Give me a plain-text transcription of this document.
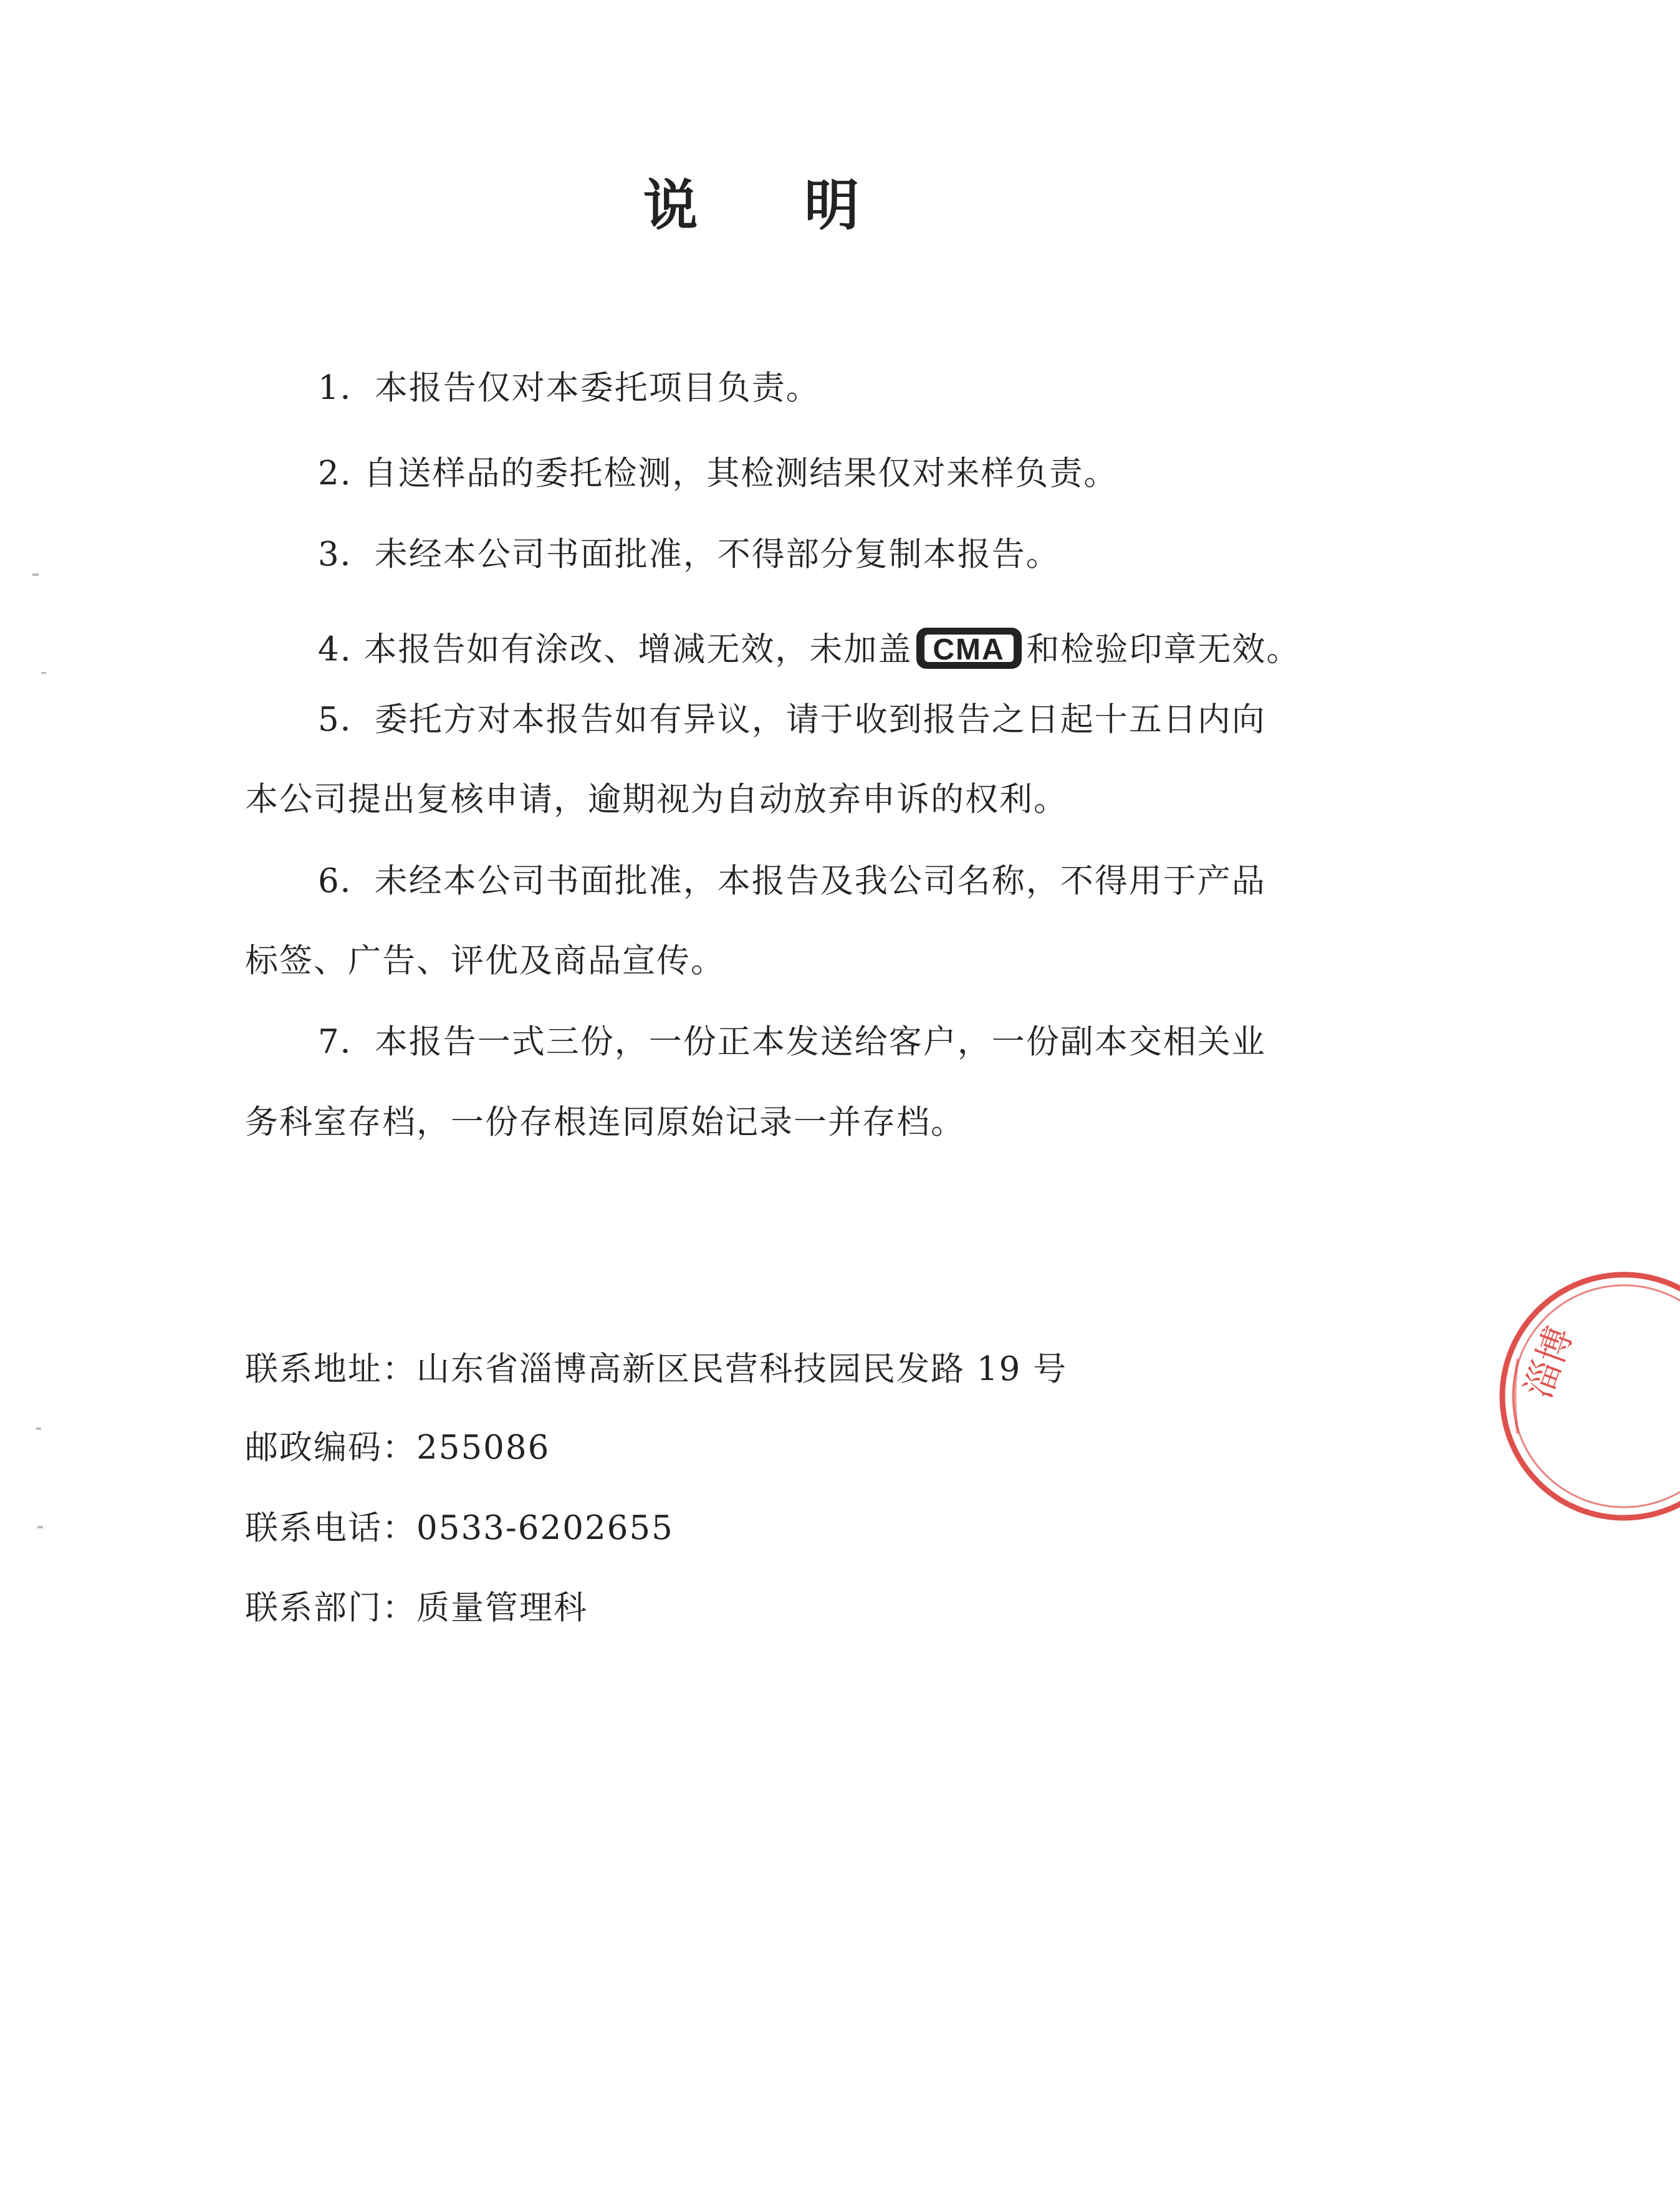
说 明
1．本报告仅对本委托项目负责。
2. 自送样品的委托检测，其检测结果仅对来样负责。
3．未经本公司书面批准，不得部分复制本报告。
4. 本报告如有涂改、增减无效，未加盖 CMA 和检验印章无效。
5．委托方对本报告如有异议，请于收到报告之日起十五日内向
本公司提出复核申请，逾期视为自动放弃申诉的权利。
6．未经本公司书面批准，本报告及我公司名称，不得用于产品
标签、广告、评优及商品宣传。
7．本报告一式三份，一份正本发送给客户，一份副本交相关业
务科室存档，一份存根连同原始记录一并存档。
联系地址：山东省淄博高新区民营科技园民发路 19 号
邮政编码：255086
联系电话：0533-6202655
联系部门：质量管理科
淄博
